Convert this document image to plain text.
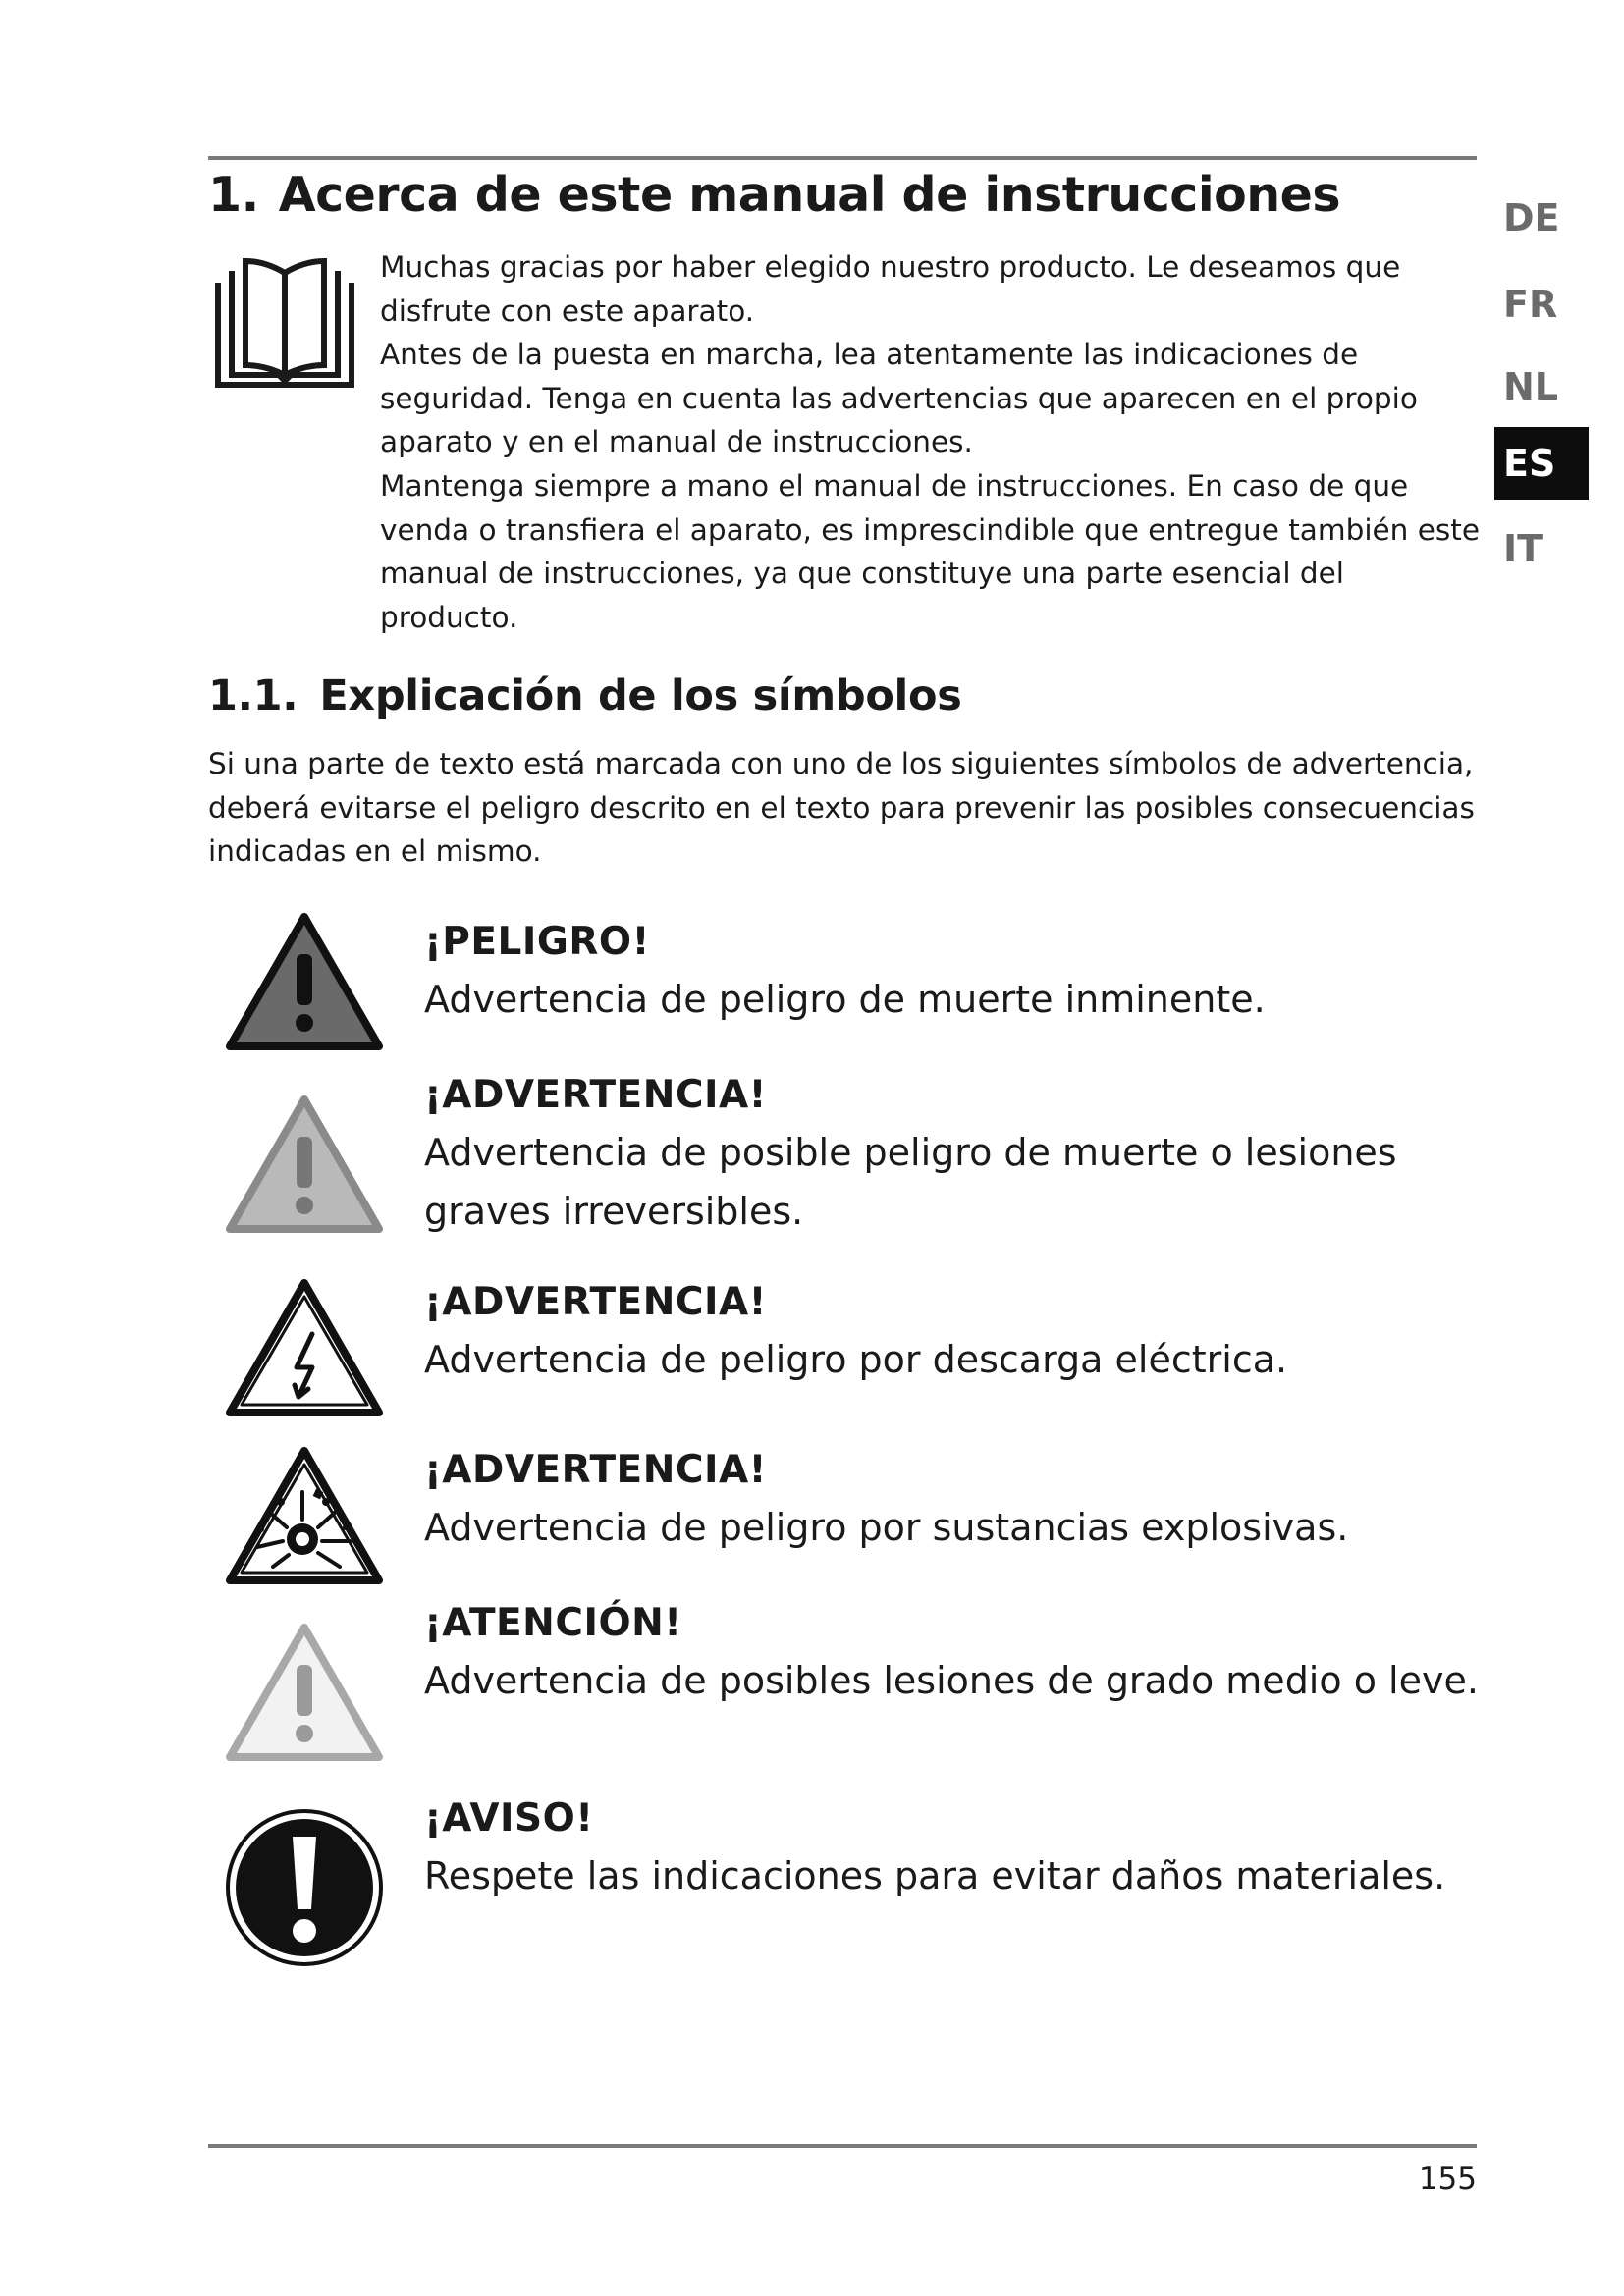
1. Acerca de este manual de instrucciones

Muchas gracias por haber elegido nuestro producto. Le deseamos que disfrute con este aparato.

Antes de la puesta en marcha, lea atentamente las indicaciones de seguridad. Tenga en cuenta las advertencias que aparecen en el propio aparato y en el manual de instrucciones.

Mantenga siempre a mano el manual de instrucciones. En caso de que venda o transfiera el aparato, es imprescindible que entregue también este manual de instrucciones, ya que constituye una parte esencial del producto.

1.1. Explicación de los símbolos

Si una parte de texto está marcada con uno de los siguientes símbolos de advertencia, deberá evitarse el peligro descrito en el texto para prevenir las posibles consecuencias indicadas en el mismo.

¡PELIGRO!

Advertencia de peligro de muerte inminente.

¡ADVERTENCIA!

Advertencia de posible peligro de muerte o lesiones graves irreversibles.

¡ADVERTENCIA!

Advertencia de peligro por descarga eléctrica.

¡ADVERTENCIA!

Advertencia de peligro por sustancias explosivas.

¡ATENCIÓN!

Advertencia de posibles lesiones de grado medio o leve.

¡AVISO!

Respete las indicaciones para evitar daños materiales.

DE
FR
NL
ES
IT

155
